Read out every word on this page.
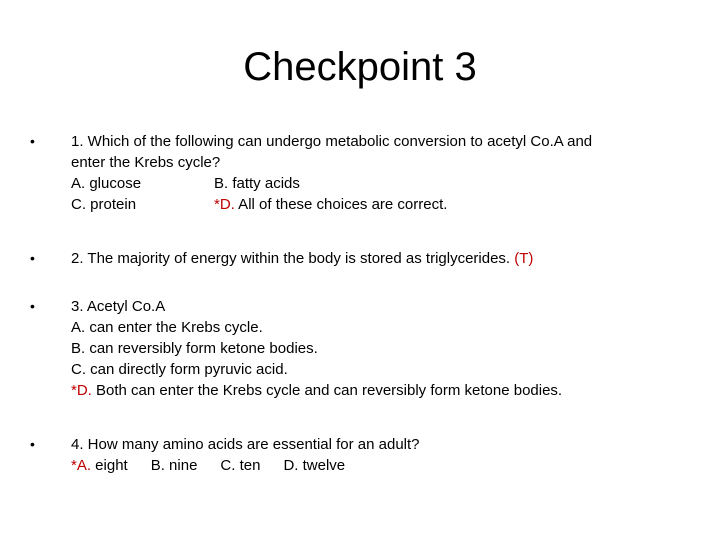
Checkpoint 3
•	1. Which of the following can undergo metabolic conversion to acetyl Co.A and
enter the Krebs cycle?
A. glucose	B. fatty acids
C. protein	*D. All of these choices are correct.
•	2. The majority of energy within the body is stored as triglycerides. (T)
•	3. Acetyl Co.A
A. can enter the Krebs cycle.
B. can reversibly form ketone bodies.
C. can directly form pyruvic acid.
*D. Both can enter the Krebs cycle and can reversibly form ketone bodies.
•	4. How many amino acids are essential for an adult?
*A. eight B. nine C. ten D. twelve
